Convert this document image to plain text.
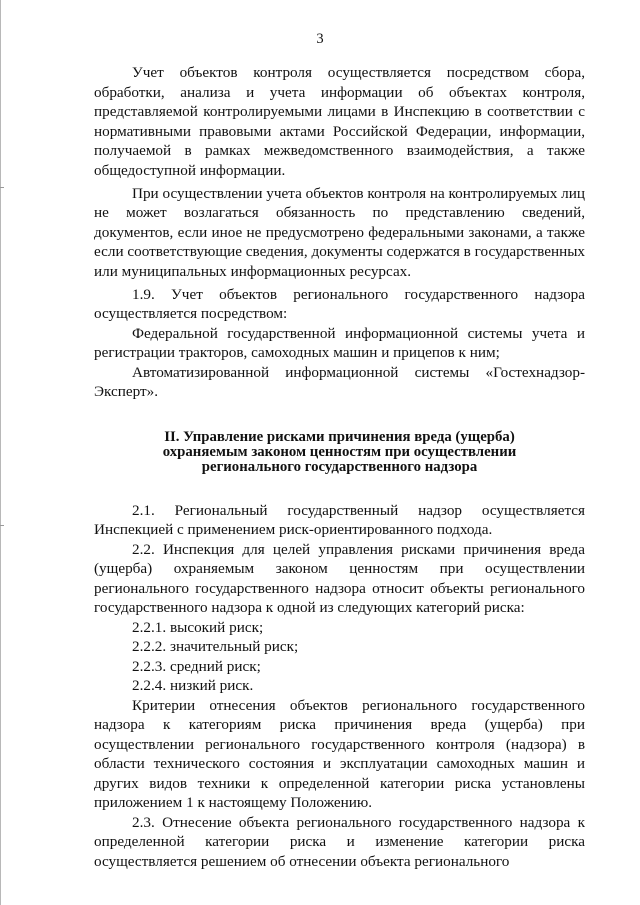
3

Учет объектов контроля осуществляется посредством сбора, обработки, анализа и учета информации об объектах контроля, представляемой контролируемыми лицами в Инспекцию в соответствии с нормативными правовыми актами Российской Федерации, информации, получаемой в рамках межведомственного взаимодействия, а также общедоступной информации.

При осуществлении учета объектов контроля на контролируемых лиц не может возлагаться обязанность по представлению сведений, документов, если иное не предусмотрено федеральными законами, а также если соответствующие сведения, документы содержатся в государственных или муниципальных информационных ресурсах.

1.9. Учет объектов регионального государственного надзора осуществляется посредством:

Федеральной государственной информационной системы учета и регистрации тракторов, самоходных машин и прицепов к ним;

Автоматизированной информационной системы «Гостехнадзор-Эксперт».

II. Управление рисками причинения вреда (ущерба)
охраняемым законом ценностям при осуществлении
регионального государственного надзора

2.1. Региональный государственный надзор осуществляется Инспекцией с применением риск-ориентированного подхода.

2.2. Инспекция для целей управления рисками причинения вреда (ущерба) охраняемым законом ценностям при осуществлении регионального государственного надзора относит объекты регионального государственного надзора к одной из следующих категорий риска:

2.2.1. высокий риск;

2.2.2. значительный риск;

2.2.3. средний риск;

2.2.4. низкий риск.

Критерии отнесения объектов регионального государственного надзора к категориям риска причинения вреда (ущерба) при осуществлении регионального государственного контроля (надзора) в области технического состояния и эксплуатации самоходных машин и других видов техники к определенной категории риска установлены приложением 1 к настоящему Положению.

2.3. Отнесение объекта регионального государственного надзора к определенной категории риска и изменение категории риска осуществляется решением об отнесении объекта регионального
